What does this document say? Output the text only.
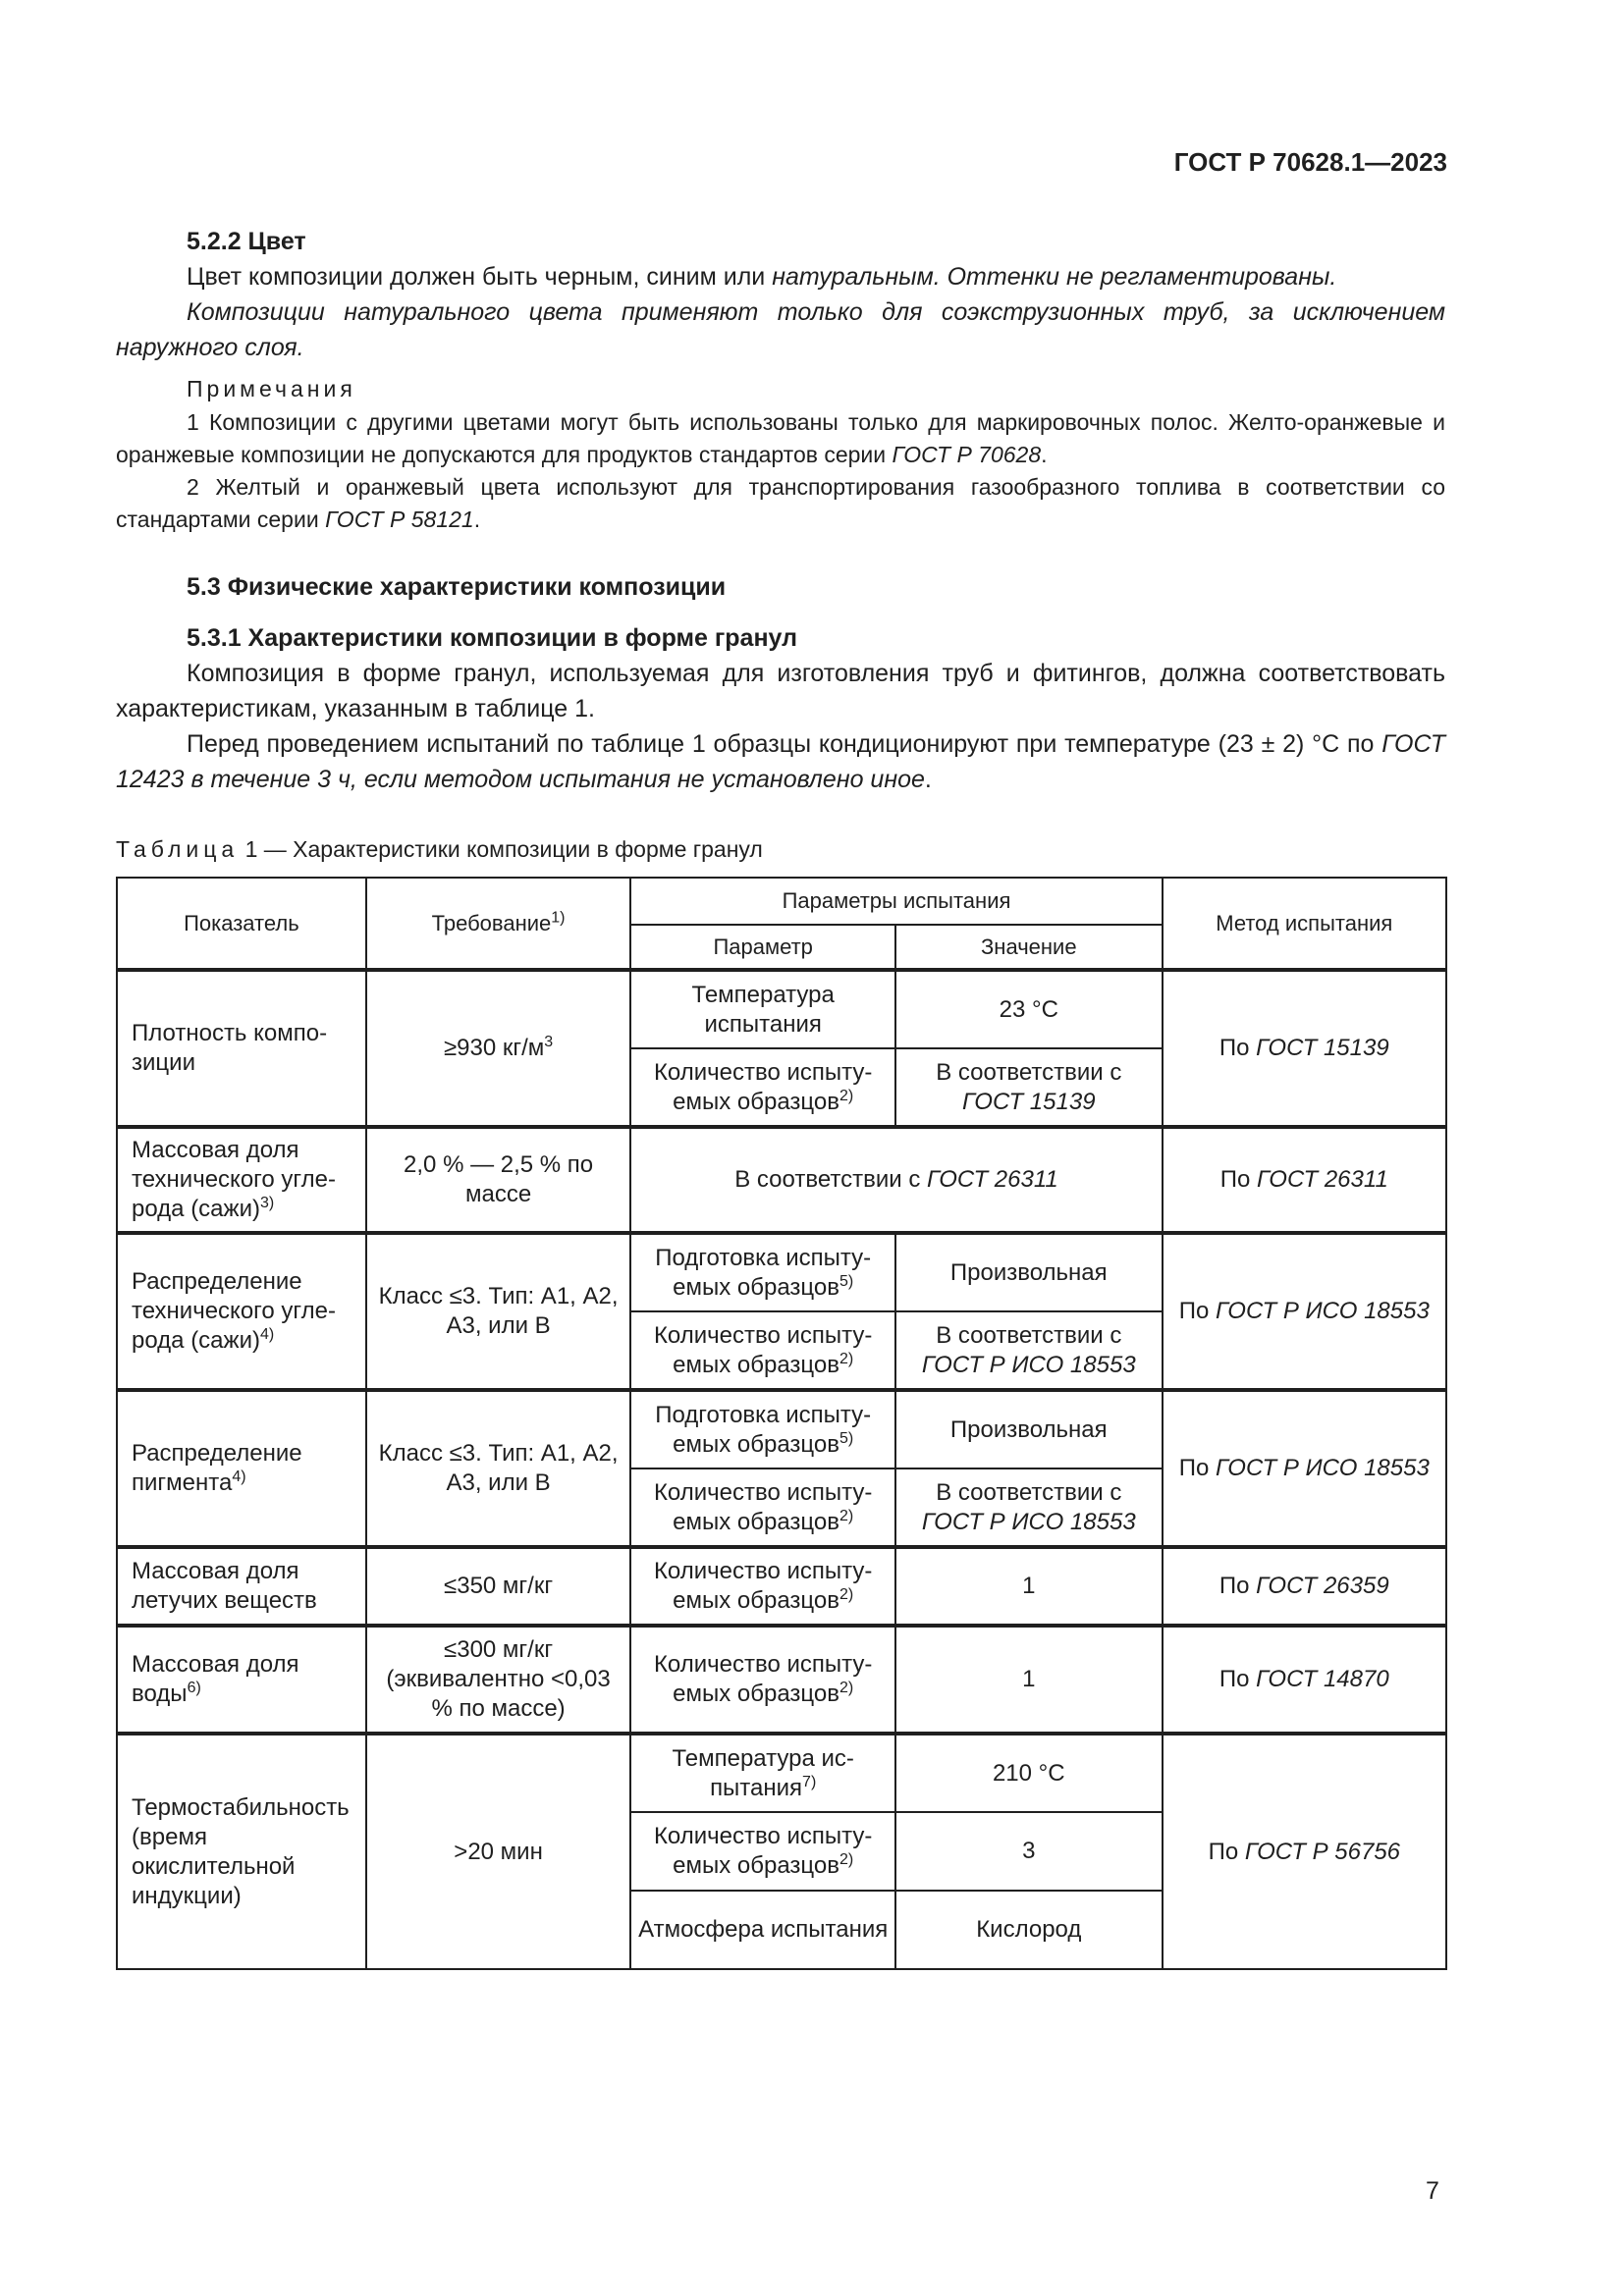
ГОСТ Р 70628.1—2023

5.2.2 Цвет

Цвет композиции должен быть черным, синим или натуральным. Оттенки не регламентированы.

Композиции натурального цвета применяют только для соэкструзионных труб, за исключением наружного слоя.

Примечания

1 Композиции с другими цветами могут быть использованы только для маркировочных полос. Желто-оранжевые и оранжевые композиции не допускаются для продуктов стандартов серии ГОСТ Р 70628.

2 Желтый и оранжевый цвета используют для транспортирования газообразного топлива в соответствии со стандартами серии ГОСТ Р 58121.

5.3 Физические характеристики композиции

5.3.1 Характеристики композиции в форме гранул

Композиция в форме гранул, используемая для изготовления труб и фитингов, должна соответствовать характеристикам, указанным в таблице 1.

Перед проведением испытаний по таблице 1 образцы кондиционируют при температуре (23 ± 2) °С по ГОСТ 12423 в течение 3 ч, если методом испытания не установлено иное.

Таблица 1 — Характеристики композиции в форме гранул
Показатель	Требование$^{1)}$	Параметры испытания		Метод испытания
		Параметр	Значение	
Плотность композиции	≥930 $кг/м^3$	Температура испытания	23 °С	По ГОСТ 15139
		Количество испытуемых образцов$^{2)}$	В соответствии с ГОСТ 15139	
Массовая доля технического углерода (сажи)$^{3)}$	2,0 % — 2,5 % по массе	В соответствии с ГОСТ 26311		По ГОСТ 26311
Распределение технического углерода (сажи)$^{4)}$	Класс ≤3. Тип: А1, А2, А3, или В	Подготовка испытуемых образцов$^{5)}$	Произвольная	По ГОСТ Р ИСО 18553
		Количество испытуемых образцов$^{2)}$	В соответствии с ГОСТ Р ИСО 18553	
Распределение пигмента$^{4)}$	Класс ≤3. Тип: А1, А2, А3, или В	Подготовка испытуемых образцов$^{5)}$	Произвольная	По ГОСТ Р ИСО 18553
		Количество испытуемых образцов$^{2)}$	В соответствии с ГОСТ Р ИСО 18553	
Массовая доля летучих веществ	≤350 мг/кг	Количество испытуемых образцов$^{2)}$	1	По ГОСТ 26359
Массовая доля воды$^{6)}$	≤300 мг/кг (эквивалентно <0,03 % по массе)	Количество испытуемых образцов$^{2)}$	1	По ГОСТ 14870
Термостабильность (время окислительной индукции)	>20 мин	Температура испытания$^{7)}$	210 °С	По ГОСТ Р 56756
		Количество испытуемых образцов$^{2)}$	3	
		Атмосфера испытания	Кислород	
7
